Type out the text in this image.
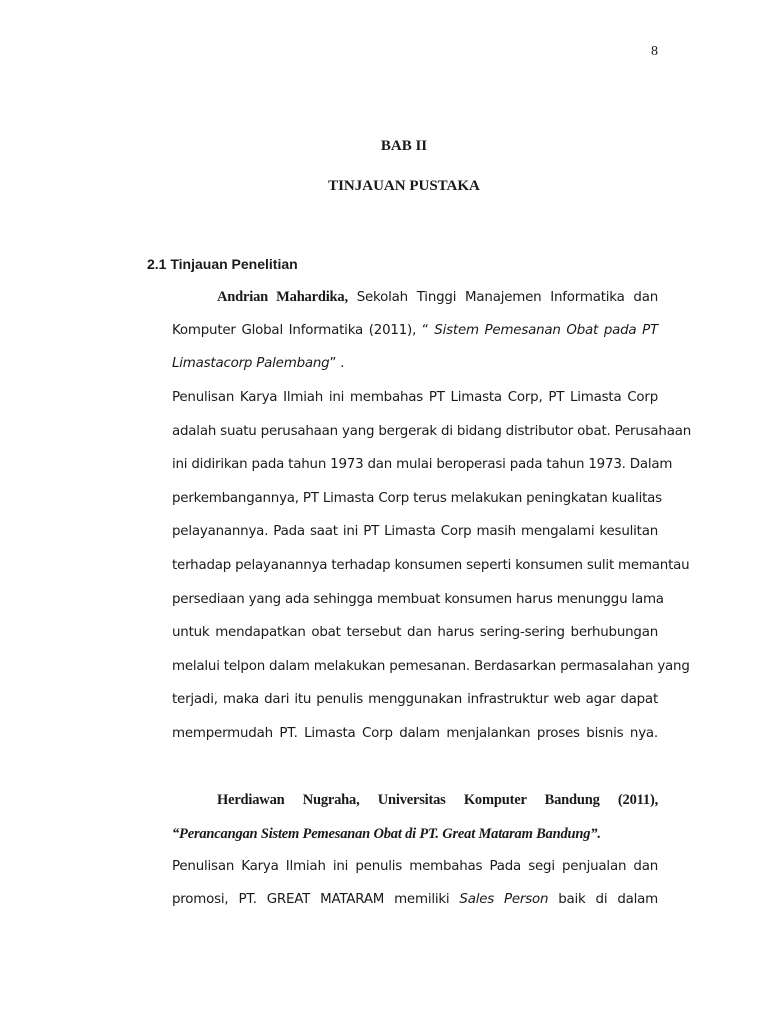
8
BAB II
TINJAUAN PUSTAKA
2.1 Tinjauan Penelitian
Andrian Mahardika, Sekolah Tinggi Manajemen Informatika dan
Komputer Global Informatika (2011), “ Sistem Pemesanan Obat pada PT
Limastacorp Palembang” .
Penulisan Karya Ilmiah ini membahas PT Limasta Corp, PT Limasta Corp
adalah suatu perusahaan yang bergerak di bidang distributor obat. Perusahaan
ini didirikan pada tahun 1973 dan mulai beroperasi pada tahun 1973. Dalam
perkembangannya, PT Limasta Corp terus melakukan peningkatan kualitas
pelayanannya. Pada saat ini PT Limasta Corp masih mengalami kesulitan
terhadap pelayanannya terhadap konsumen seperti konsumen sulit memantau
persediaan yang ada sehingga membuat konsumen harus menunggu lama
untuk mendapatkan obat tersebut dan harus sering-sering berhubungan
melalui telpon dalam melakukan pemesanan. Berdasarkan permasalahan yang
terjadi, maka dari itu penulis menggunakan infrastruktur web agar dapat
mempermudah PT. Limasta Corp dalam menjalankan proses bisnis nya.
Herdiawan Nugraha, Universitas Komputer Bandung (2011),
“Perancangan Sistem Pemesanan Obat di PT. Great Mataram Bandung”.
Penulisan Karya Ilmiah ini penulis membahas Pada segi penjualan dan
promosi, PT. GREAT MATARAM memiliki Sales Person baik di dalam
